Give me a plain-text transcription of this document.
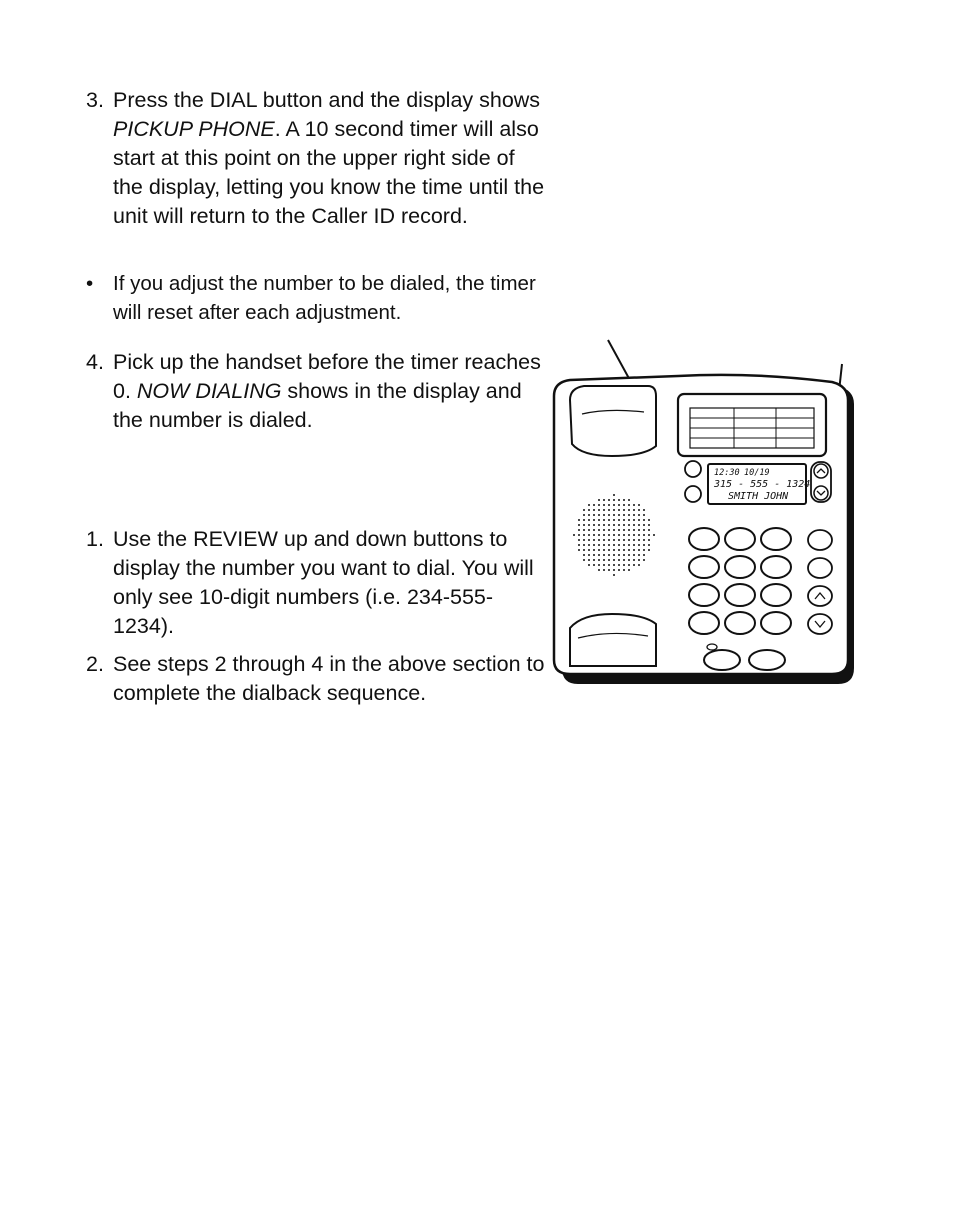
3. Press the DIAL button and the display shows PICKUP PHONE. A 10 second timer will also start at this point on the upper right side of the display, letting you know the time until the unit will return to the Caller ID record.
• If you adjust the number to be dialed, the timer will reset after each adjustment.
4. Pick up the handset before the timer reaches 0. NOW DIALING shows in the display and the number is dialed.
1. Use the REVIEW up and down buttons to display the number you want to dial. You will only see 10-digit numbers (i.e. 234-555-1234).
2. See steps 2 through 4 in the above section to complete the dialback sequence.
12:30 10/19
315 - 555 - 1324
SMITH JOHN
